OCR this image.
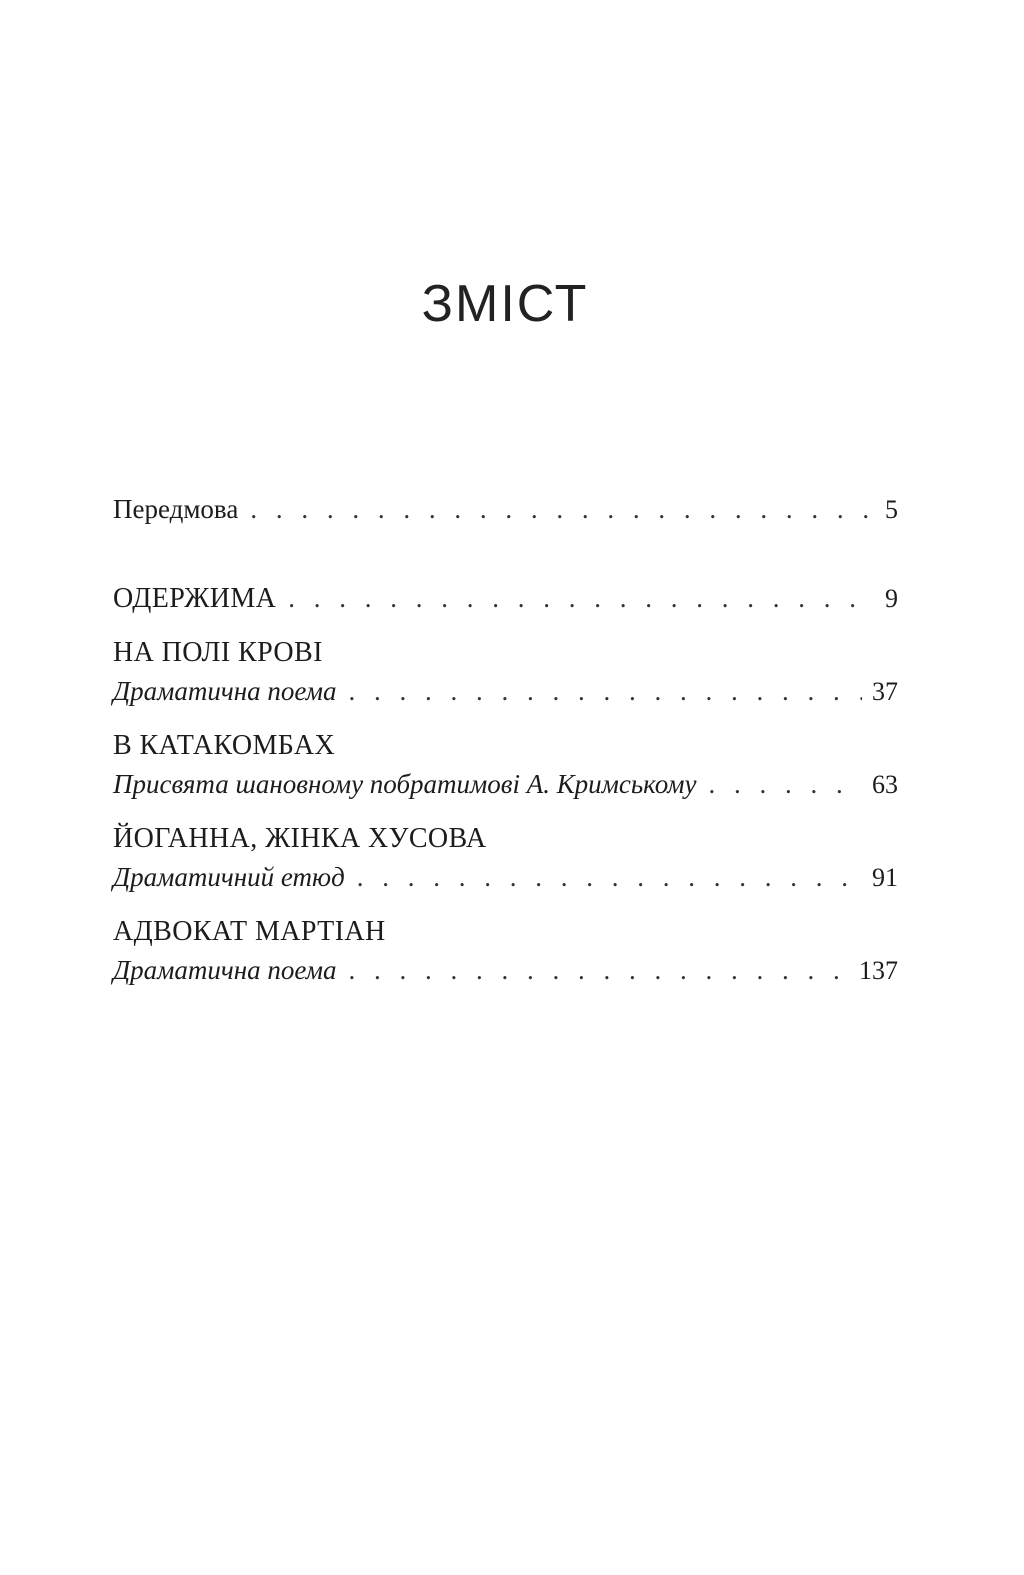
ЗМІСТ
Передмова . . .	5
ОДЕРЖИМА . . .	9
НА ПОЛІ КРОВІ
Драматична поема . . .	37
В КАТАКОМБАХ
Присвята шановному побратимові А. Кримському . . .	63
ЙОГАННА, ЖІНКА ХУСОВА
Драматичний етюд . . .	91
АДВОКАТ МАРТІАН
Драматична поема . . .	137
